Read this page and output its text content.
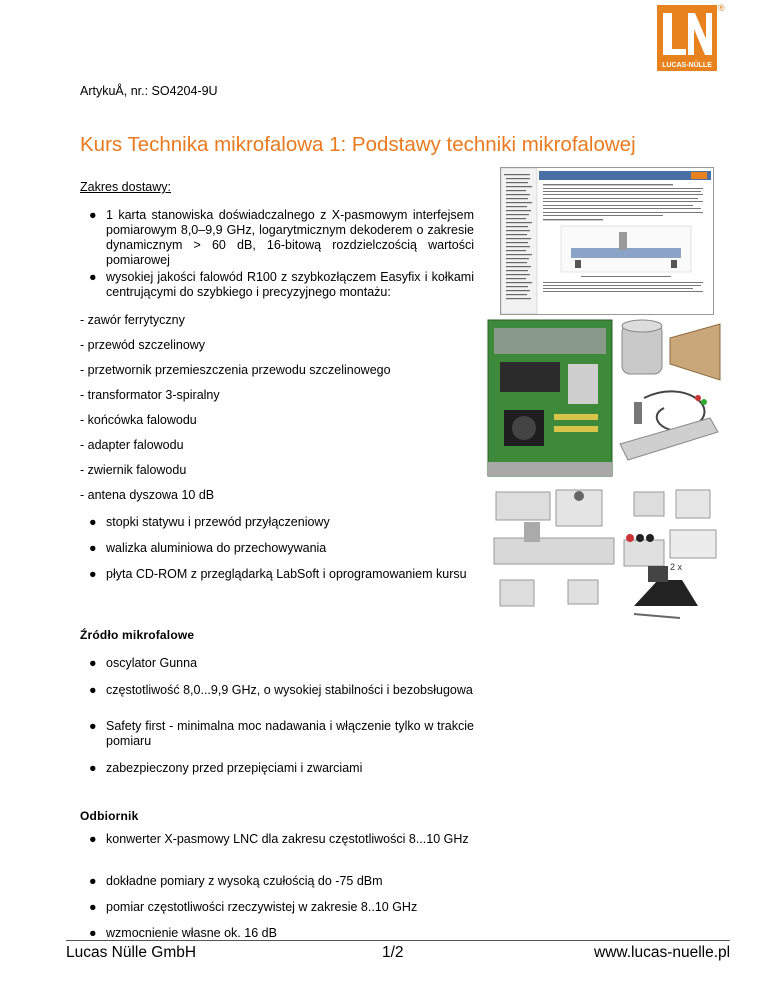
LUCAS-NÜLLE
®
ArtykuÅ, nr.: SO4204-9U
Kurs Technika mikrofalowa 1: Podstawy techniki mikrofalowej
Zakres dostawy:
● 1 karta stanowiska doświadczalnego z X-pasmowym interfejsem pomiarowym 8,0–9,9 GHz, logarytmicznym dekoderem o zakresie dynamicznym > 60 dB, 16-bitową rozdzielczością wartości pomiarowej
● wysokiej jakości falowód R100 z szybkozłączem Easyfix i kołkami centrującymi do szybkiego i precyzyjnego montażu:
- zawór ferrytyczny
- przewód szczelinowy
- przetwornik przemieszczenia przewodu szczelinowego
- transformator 3-spiralny
- końcówka falowodu
- adapter falowodu
- zwiernik falowodu
- antena dyszowa 10 dB
● stopki statywu i przewód przyłączeniowy
● walizka aluminiowa do przechowywania
● płyta CD-ROM z przeglądarką LabSoft i oprogramowaniem kursu
Źródło mikrofalowe
● oscylator Gunna
● częstotliwość 8,0...9,9 GHz, o wysokiej stabilności i bezobsługowa
● Safety first - minimalna moc nadawania i włączenie tylko w trakcie pomiaru
● zabezpieczony przed przepięciami i zwarciami
Odbiornik
● konwerter X-pasmowy LNC dla zakresu częstotliwości 8...10 GHz
● dokładne pomiary z wysoką czułością do -75 dBm
● pomiar częstotliwości rzeczywistej w zakresie 8..10 GHz
● wzmocnienie własne ok. 16 dB
2 x
Lucas Nülle GmbH	1/2	www.lucas-nuelle.pl
